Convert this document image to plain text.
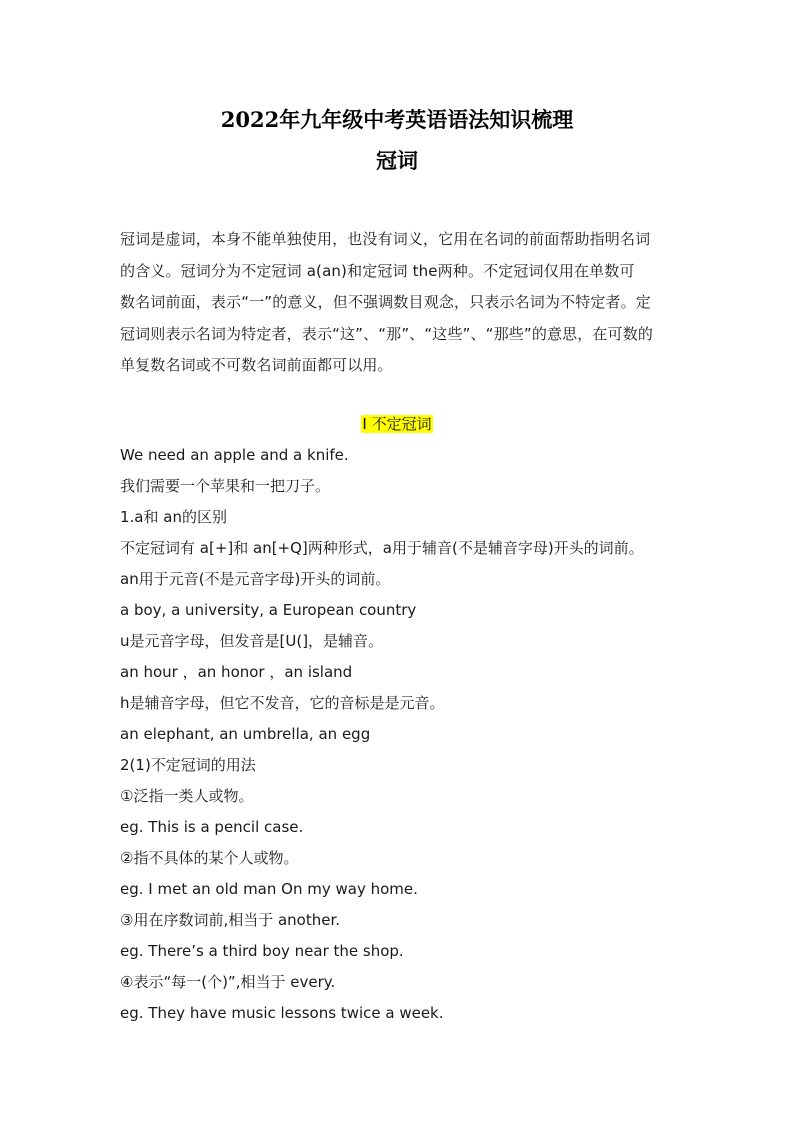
2022年九年级中考英语语法知识梳理
冠词
冠词是虚词，本身不能单独使用，也没有词义，它用在名词的前面帮助指明名词
的含义。冠词分为不定冠词 a(an)和定冠词 the两种。不定冠词仅用在单数可
数名词前面，表示“一”的意义，但不强调数目观念，只表示名词为不特定者。定
冠词则表示名词为特定者，表示“这”、“那”、“这些”、“那些”的意思，在可数的
单复数名词或不可数名词前面都可以用。
I 不定冠词
We need an apple and a knife.
我们需要一个苹果和一把刀子。
1.a和 an的区别
不定冠词有 a[+]和 an[+Q]两种形式，a用于辅音(不是辅音字母)开头的词前。
an用于元音(不是元音字母)开头的词前。
a boy, a university, a European country
u是元音字母，但发音是[U(]，是辅音。
an hour ，an honor ，an island
h是辅音字母，但它不发音，它的音标是是元音。
an elephant, an umbrella, an egg
2(1)不定冠词的用法
①泛指一类人或物。
eg. This is a pencil case.
②指不具体的某个人或物。
eg. I met an old man On my way home.
③用在序数词前,相当于 another.
eg. There’s a third boy near the shop.
④表示“每一(个)”,相当于 every.
eg. They have music lessons twice a week.
